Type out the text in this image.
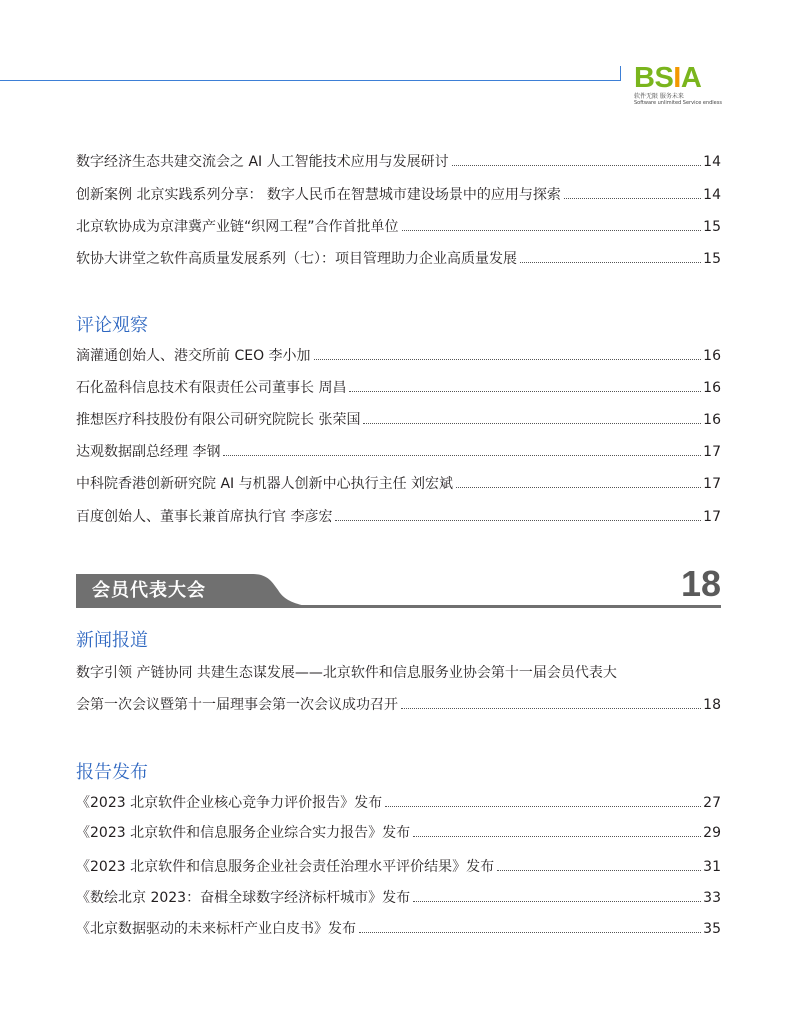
B S I A
软件无限 服务未来
Software unlimited Service endless
数字经济生态共建交流会之 AI 人工智能技术应用与发展研讨	14
创新案例 北京实践系列分享： 数字人民币在智慧城市建设场景中的应用与探索	14
北京软协成为京津冀产业链“织网工程”合作首批单位	15
软协大讲堂之软件高质量发展系列（七）：项目管理助力企业高质量发展	15
评论观察
滴灌通创始人、港交所前 CEO 李小加	16
石化盈科信息技术有限责任公司董事长 周昌	16
推想医疗科技股份有限公司研究院院长 张荣国	16
达观数据副总经理 李钢	17
中科院香港创新研究院 AI 与机器人创新中心执行主任 刘宏斌	17
百度创始人、董事长兼首席执行官 李彦宏	17
会员代表大会	18
新闻报道
数字引领 产链协同 共建生态谋发展——北京软件和信息服务业协会第十一届会员代表大
会第一次会议暨第十一届理事会第一次会议成功召开	18
报告发布
《2023 北京软件企业核心竞争力评价报告》发布	27
《2023 北京软件和信息服务企业综合实力报告》发布	29
《2023 北京软件和信息服务企业社会责任治理水平评价结果》发布	31
《数绘北京 2023：奋楫全球数字经济标杆城市》发布	33
《北京数据驱动的未来标杆产业白皮书》发布	35
